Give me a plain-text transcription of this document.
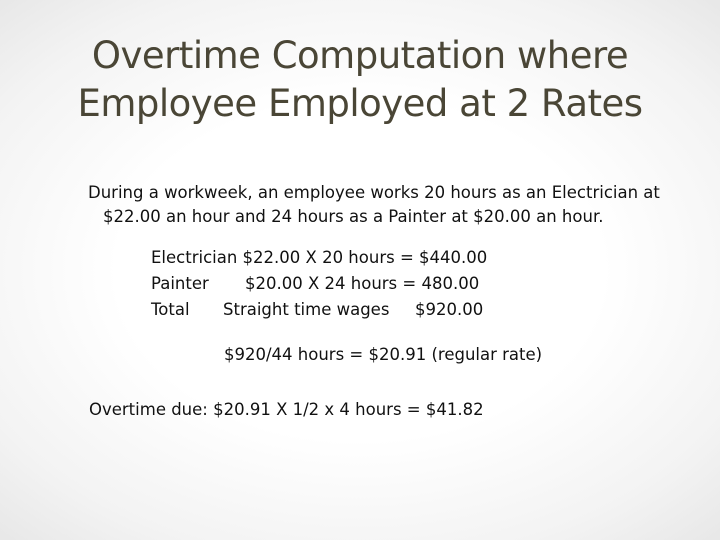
Overtime Computation where
Employee Employed at 2 Rates
During a workweek, an employee works 20 hours as an Electrician at
$22.00 an hour and 24 hours as a Painter at $20.00 an hour.
Electrician $22.00 X 20 hours = $440.00
Painter $20.00 X 24 hours = 480.00
Total Straight time wages $920.00
$920/44 hours = $20.91 (regular rate)
Overtime due: $20.91 X 1/2 x 4 hours = $41.82
